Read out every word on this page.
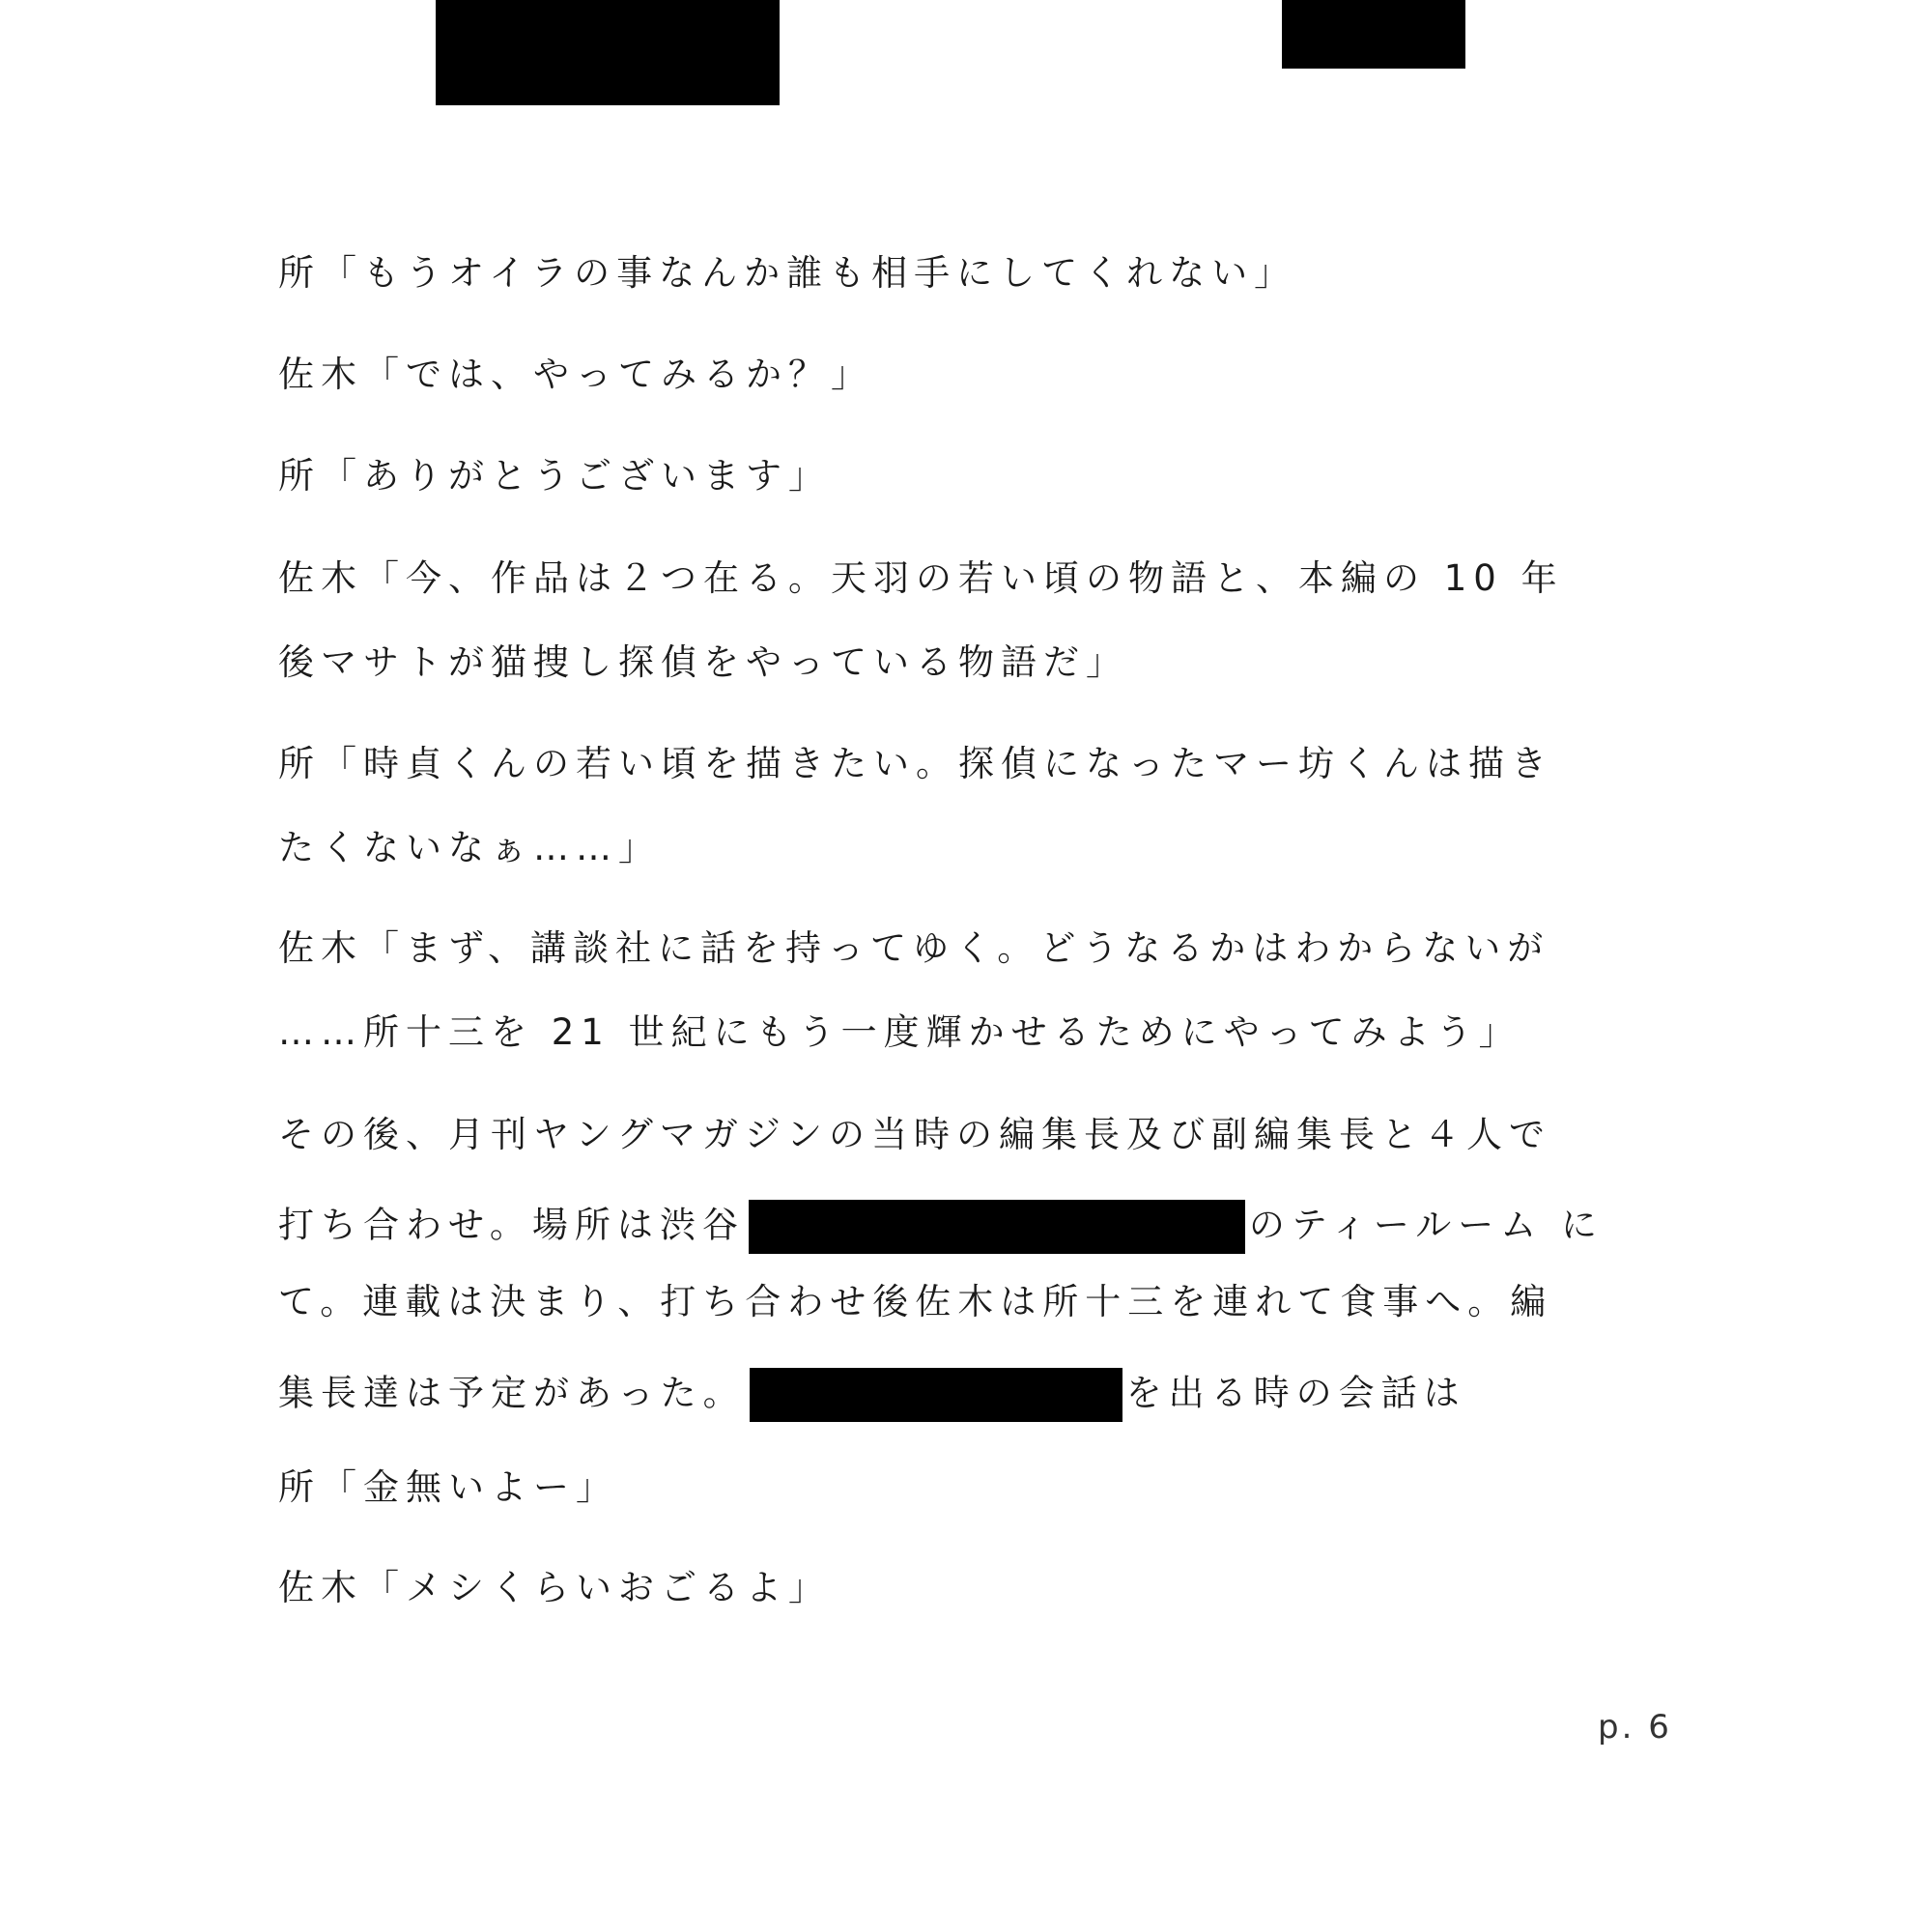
所「もうオイラの事なんか誰も相手にしてくれない」
佐木「では、やってみるか？」
所「ありがとうございます」
佐木「今、作品は２つ在る。天羽の若い頃の物語と、本編の 10 年
後マサトが猫捜し探偵をやっている物語だ」
所「時貞くんの若い頃を描きたい。探偵になったマー坊くんは描き
たくないなぁ……」
佐木「まず、講談社に話を持ってゆく。どうなるかはわからないが
……所十三を 21 世紀にもう一度輝かせるためにやってみよう」
その後、月刊ヤングマガジンの当時の編集長及び副編集長と４人で
打ち合わせ。場所は渋谷	のティールーム に
て。連載は決まり、打ち合わせ後佐木は所十三を連れて食事へ。編
集長達は予定があった。	を出る時の会話は
所「金無いよー」
佐木「メシくらいおごるよ」
p. 6
